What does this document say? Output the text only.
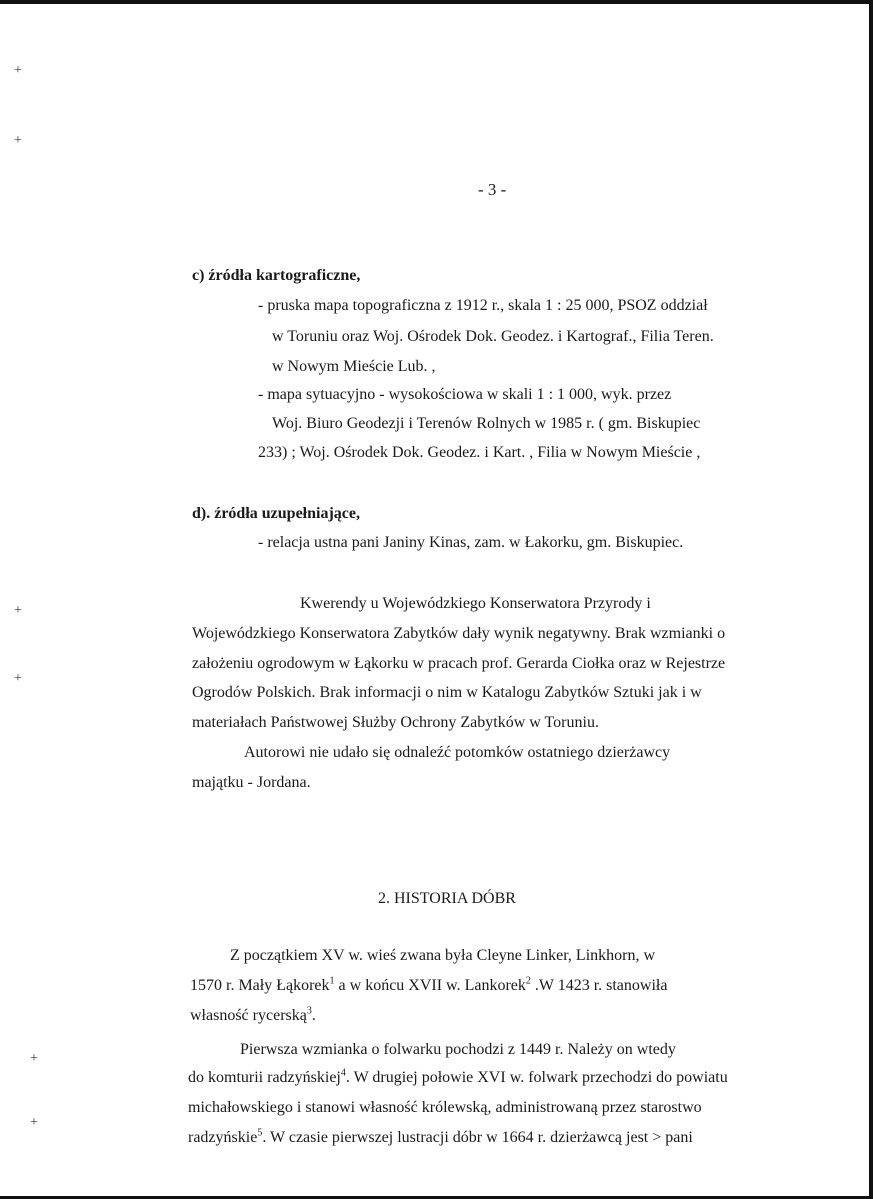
+
+
+
+
+
+
- 3 -
c) źródła kartograficzne,
- pruska mapa topograficzna z 1912 r., skala 1 : 25 000, PSOZ oddział
w Toruniu oraz Woj. Ośrodek Dok. Geodez. i Kartograf., Filia Teren.
w Nowym Mieście Lub. ,
- mapa sytuacyjno - wysokościowa w skali 1 : 1 000, wyk. przez
Woj. Biuro Geodezji i Terenów Rolnych w 1985 r. ( gm. Biskupiec
233) ; Woj. Ośrodek Dok. Geodez. i Kart. , Filia w Nowym Mieście ,
d). źródła uzupełniające,
- relacja ustna pani Janiny Kinas, zam. w Łakorku, gm. Biskupiec.
Kwerendy u Wojewódzkiego Konserwatora Przyrody i
Wojewódzkiego Konserwatora Zabytków dały wynik negatywny. Brak wzmianki o
założeniu ogrodowym w Łąkorku w pracach prof. Gerarda Ciołka oraz w Rejestrze
Ogrodów Polskich. Brak informacji o nim w Katalogu Zabytków Sztuki jak i w
materiałach Państwowej Służby Ochrony Zabytków w Toruniu.
Autorowi nie udało się odnaleźć potomków ostatniego dzierżawcy
majątku - Jordana.
2. HISTORIA DÓBR
Z początkiem XV w. wieś zwana była Cleyne Linker, Linkhorn, w
1570 r. Mały Łąkorek$^1$ a w końcu XVII w. Lankorek$^2$ .W 1423 r. stanowiła
własność rycerską$^3$.
Pierwsza wzmianka o folwarku pochodzi z 1449 r. Należy on wtedy
do komturii radzyńskiej$^4$. W drugiej połowie XVI w. folwark przechodzi do powiatu
michałowskiego i stanowi własność królewską, administrowaną przez starostwo
radzyńskie$^5$. W czasie pierwszej lustracji dóbr w 1664 r. dzierżawcą jest > pani
